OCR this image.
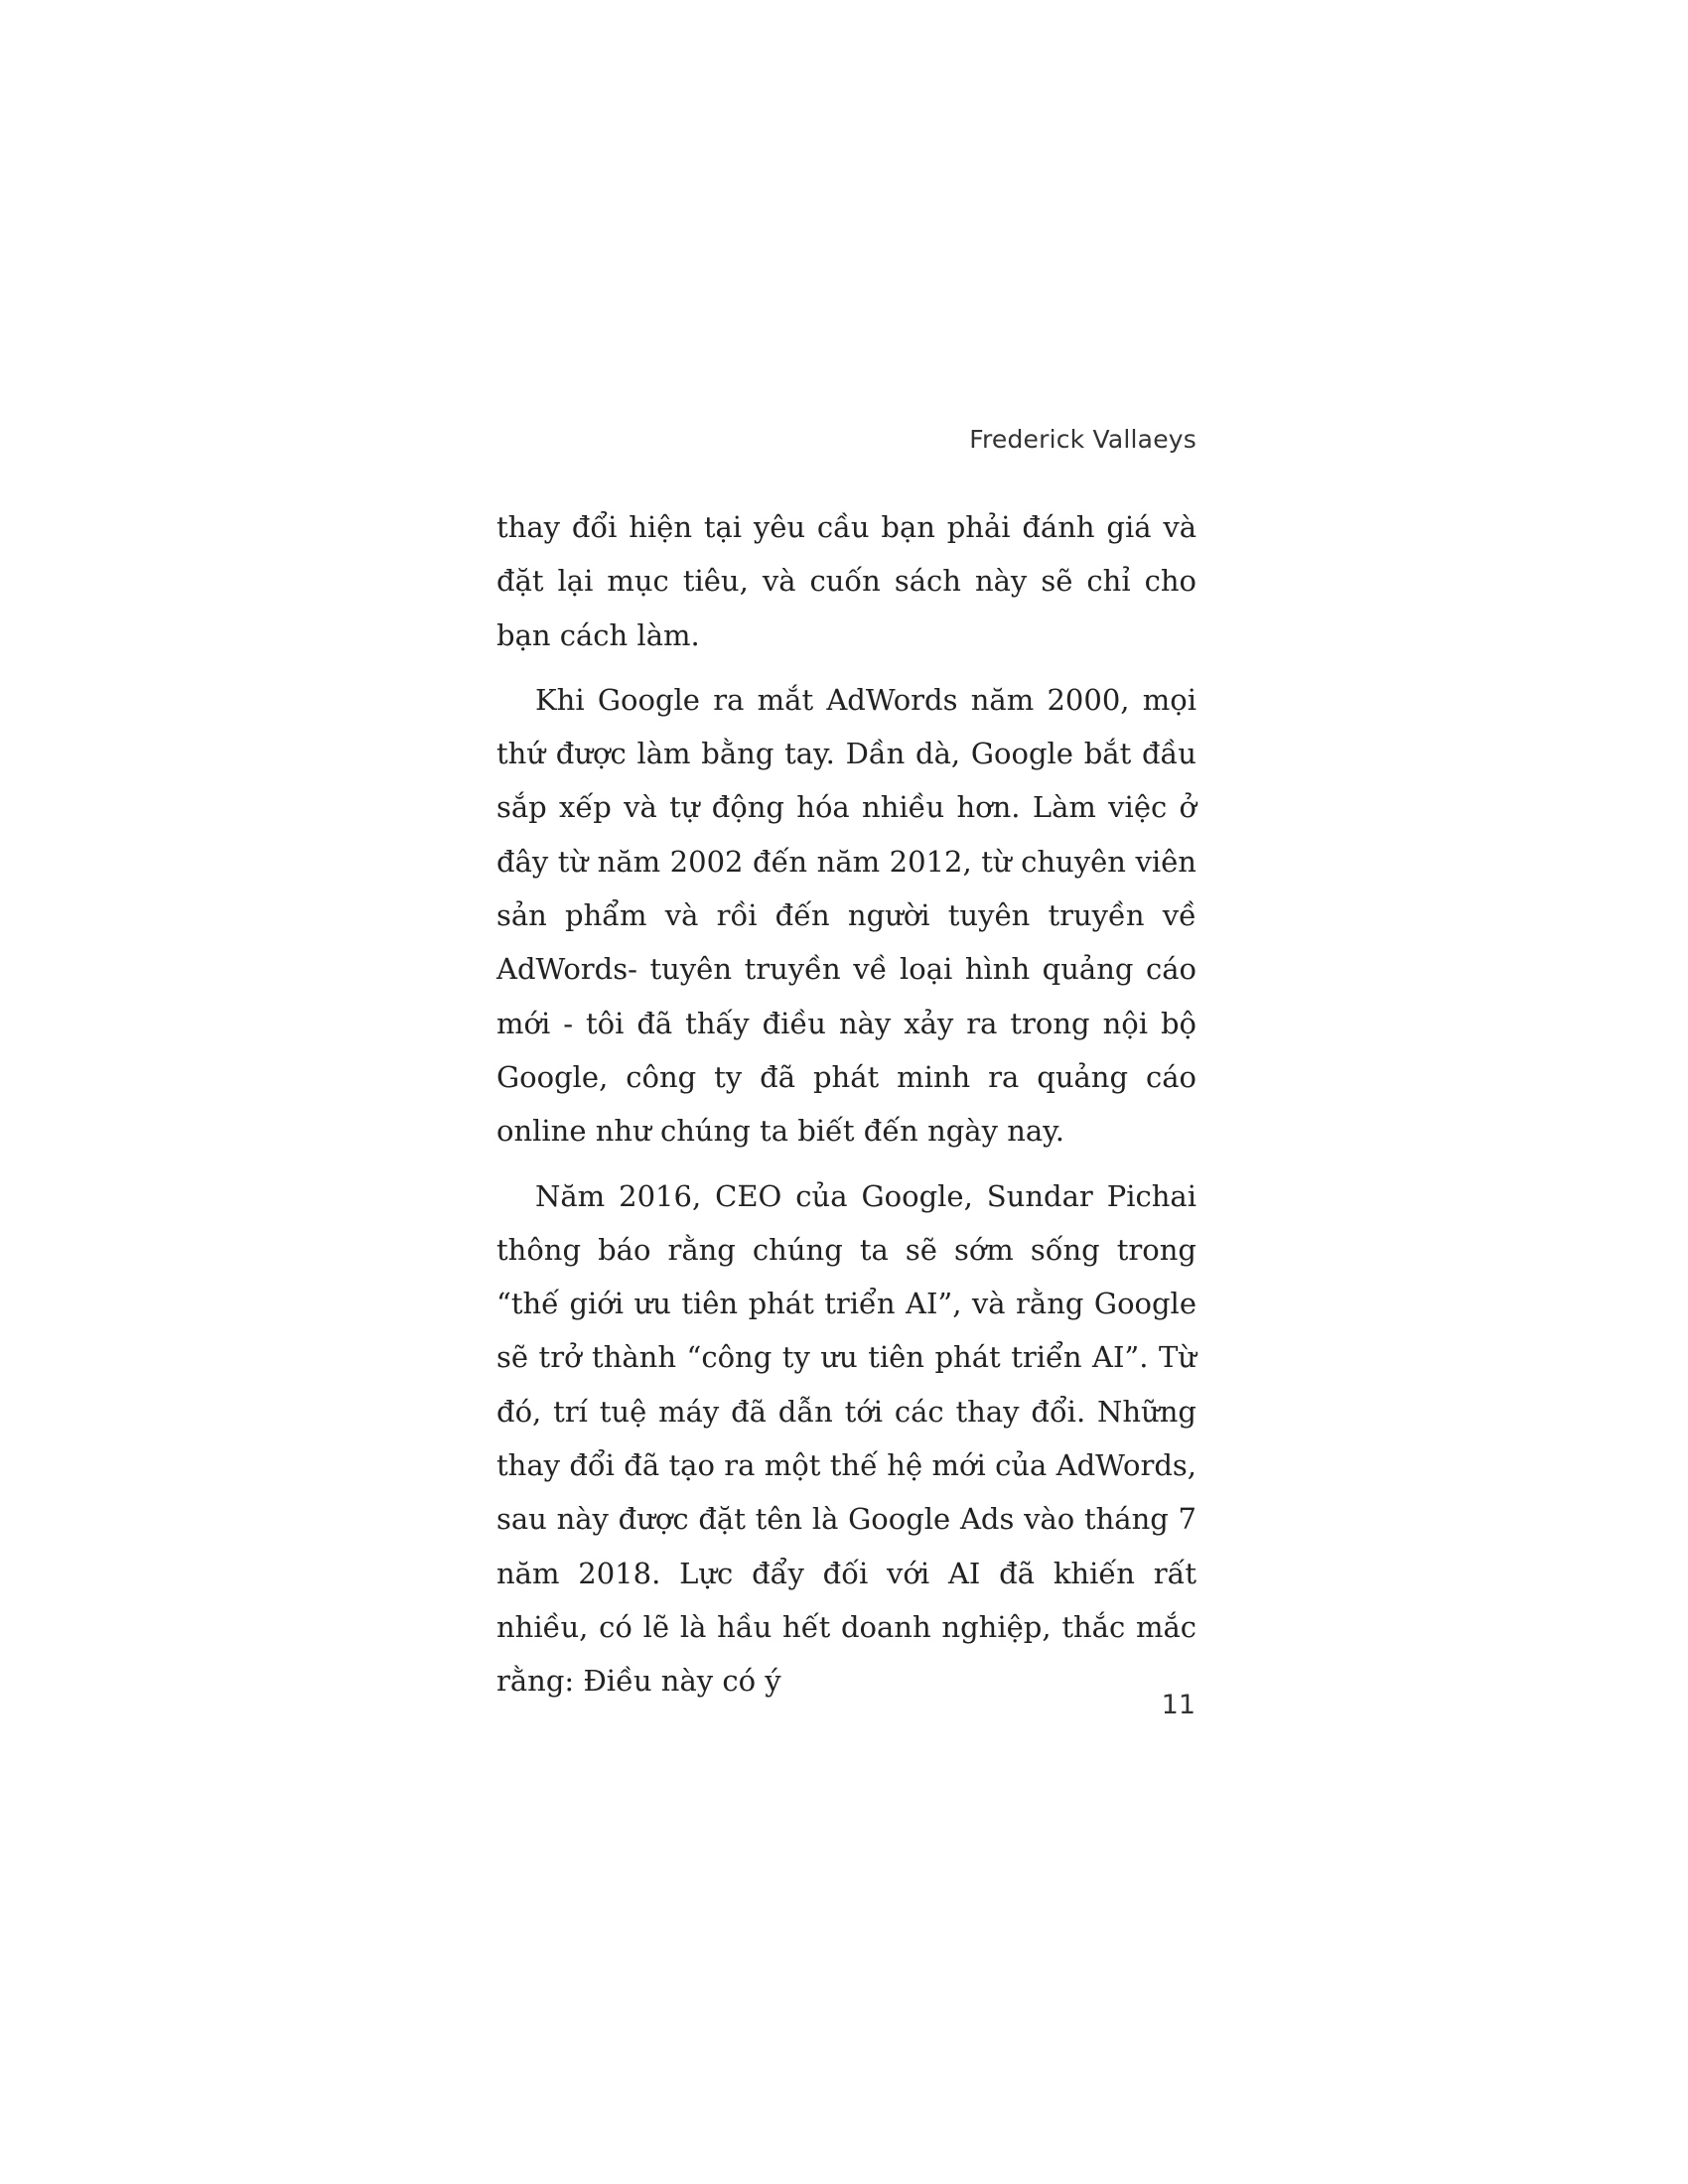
Frederick Vallaeys

thay đổi hiện tại yêu cầu bạn phải đánh giá và đặt lại mục tiêu, và cuốn sách này sẽ chỉ cho bạn cách làm.

Khi Google ra mắt AdWords năm 2000, mọi thứ được làm bằng tay. Dần dà, Google bắt đầu sắp xếp và tự động hóa nhiều hơn. Làm việc ở đây từ năm 2002 đến năm 2012, từ chuyên viên sản phẩm và rồi đến người tuyên truyền về AdWords- tuyên truyền về loại hình quảng cáo mới - tôi đã thấy điều này xảy ra trong nội bộ Google, công ty đã phát minh ra quảng cáo online như chúng ta biết đến ngày nay.

Năm 2016, CEO của Google, Sundar Pichai thông báo rằng chúng ta sẽ sớm sống trong “thế giới ưu tiên phát triển AI”, và rằng Google sẽ trở thành “công ty ưu tiên phát triển AI”. Từ đó, trí tuệ máy đã dẫn tới các thay đổi. Những thay đổi đã tạo ra một thế hệ mới của AdWords, sau này được đặt tên là Google Ads vào tháng 7 năm 2018. Lực đẩy đối với AI đã khiến rất nhiều, có lẽ là hầu hết doanh nghiệp, thắc mắc rằng: Điều này có ý

11
